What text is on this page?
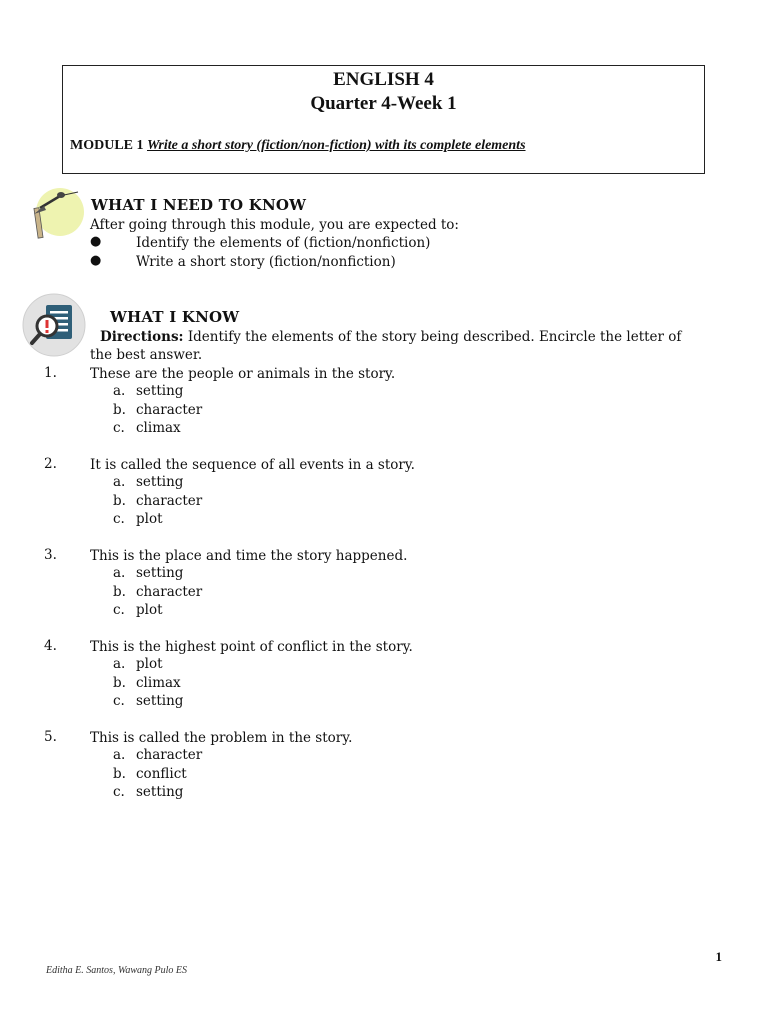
ENGLISH 4
Quarter 4-Week 1
MODULE 1 Write a short story (fiction/non-fiction) with its complete elements
WHAT I NEED TO KNOW
After going through this module, you are expected to:
●	Identify the elements of (fiction/nonfiction)
●	Write a short story (fiction/nonfiction)
WHAT I KNOW
Directions: Identify the elements of the story being described. Encircle the letter of
the best answer.
1. These are the people or animals in the story.
a. setting
b. character
c. climax
2. It is called the sequence of all events in a story.
a. setting
b. character
c. plot
3. This is the place and time the story happened.
a. setting
b. character
c. plot
4. This is the highest point of conflict in the story.
a. plot
b. climax
c. setting
5. This is called the problem in the story.
a. character
b. conflict
c. setting
1
Editha E. Santos, Wawang Pulo ES
